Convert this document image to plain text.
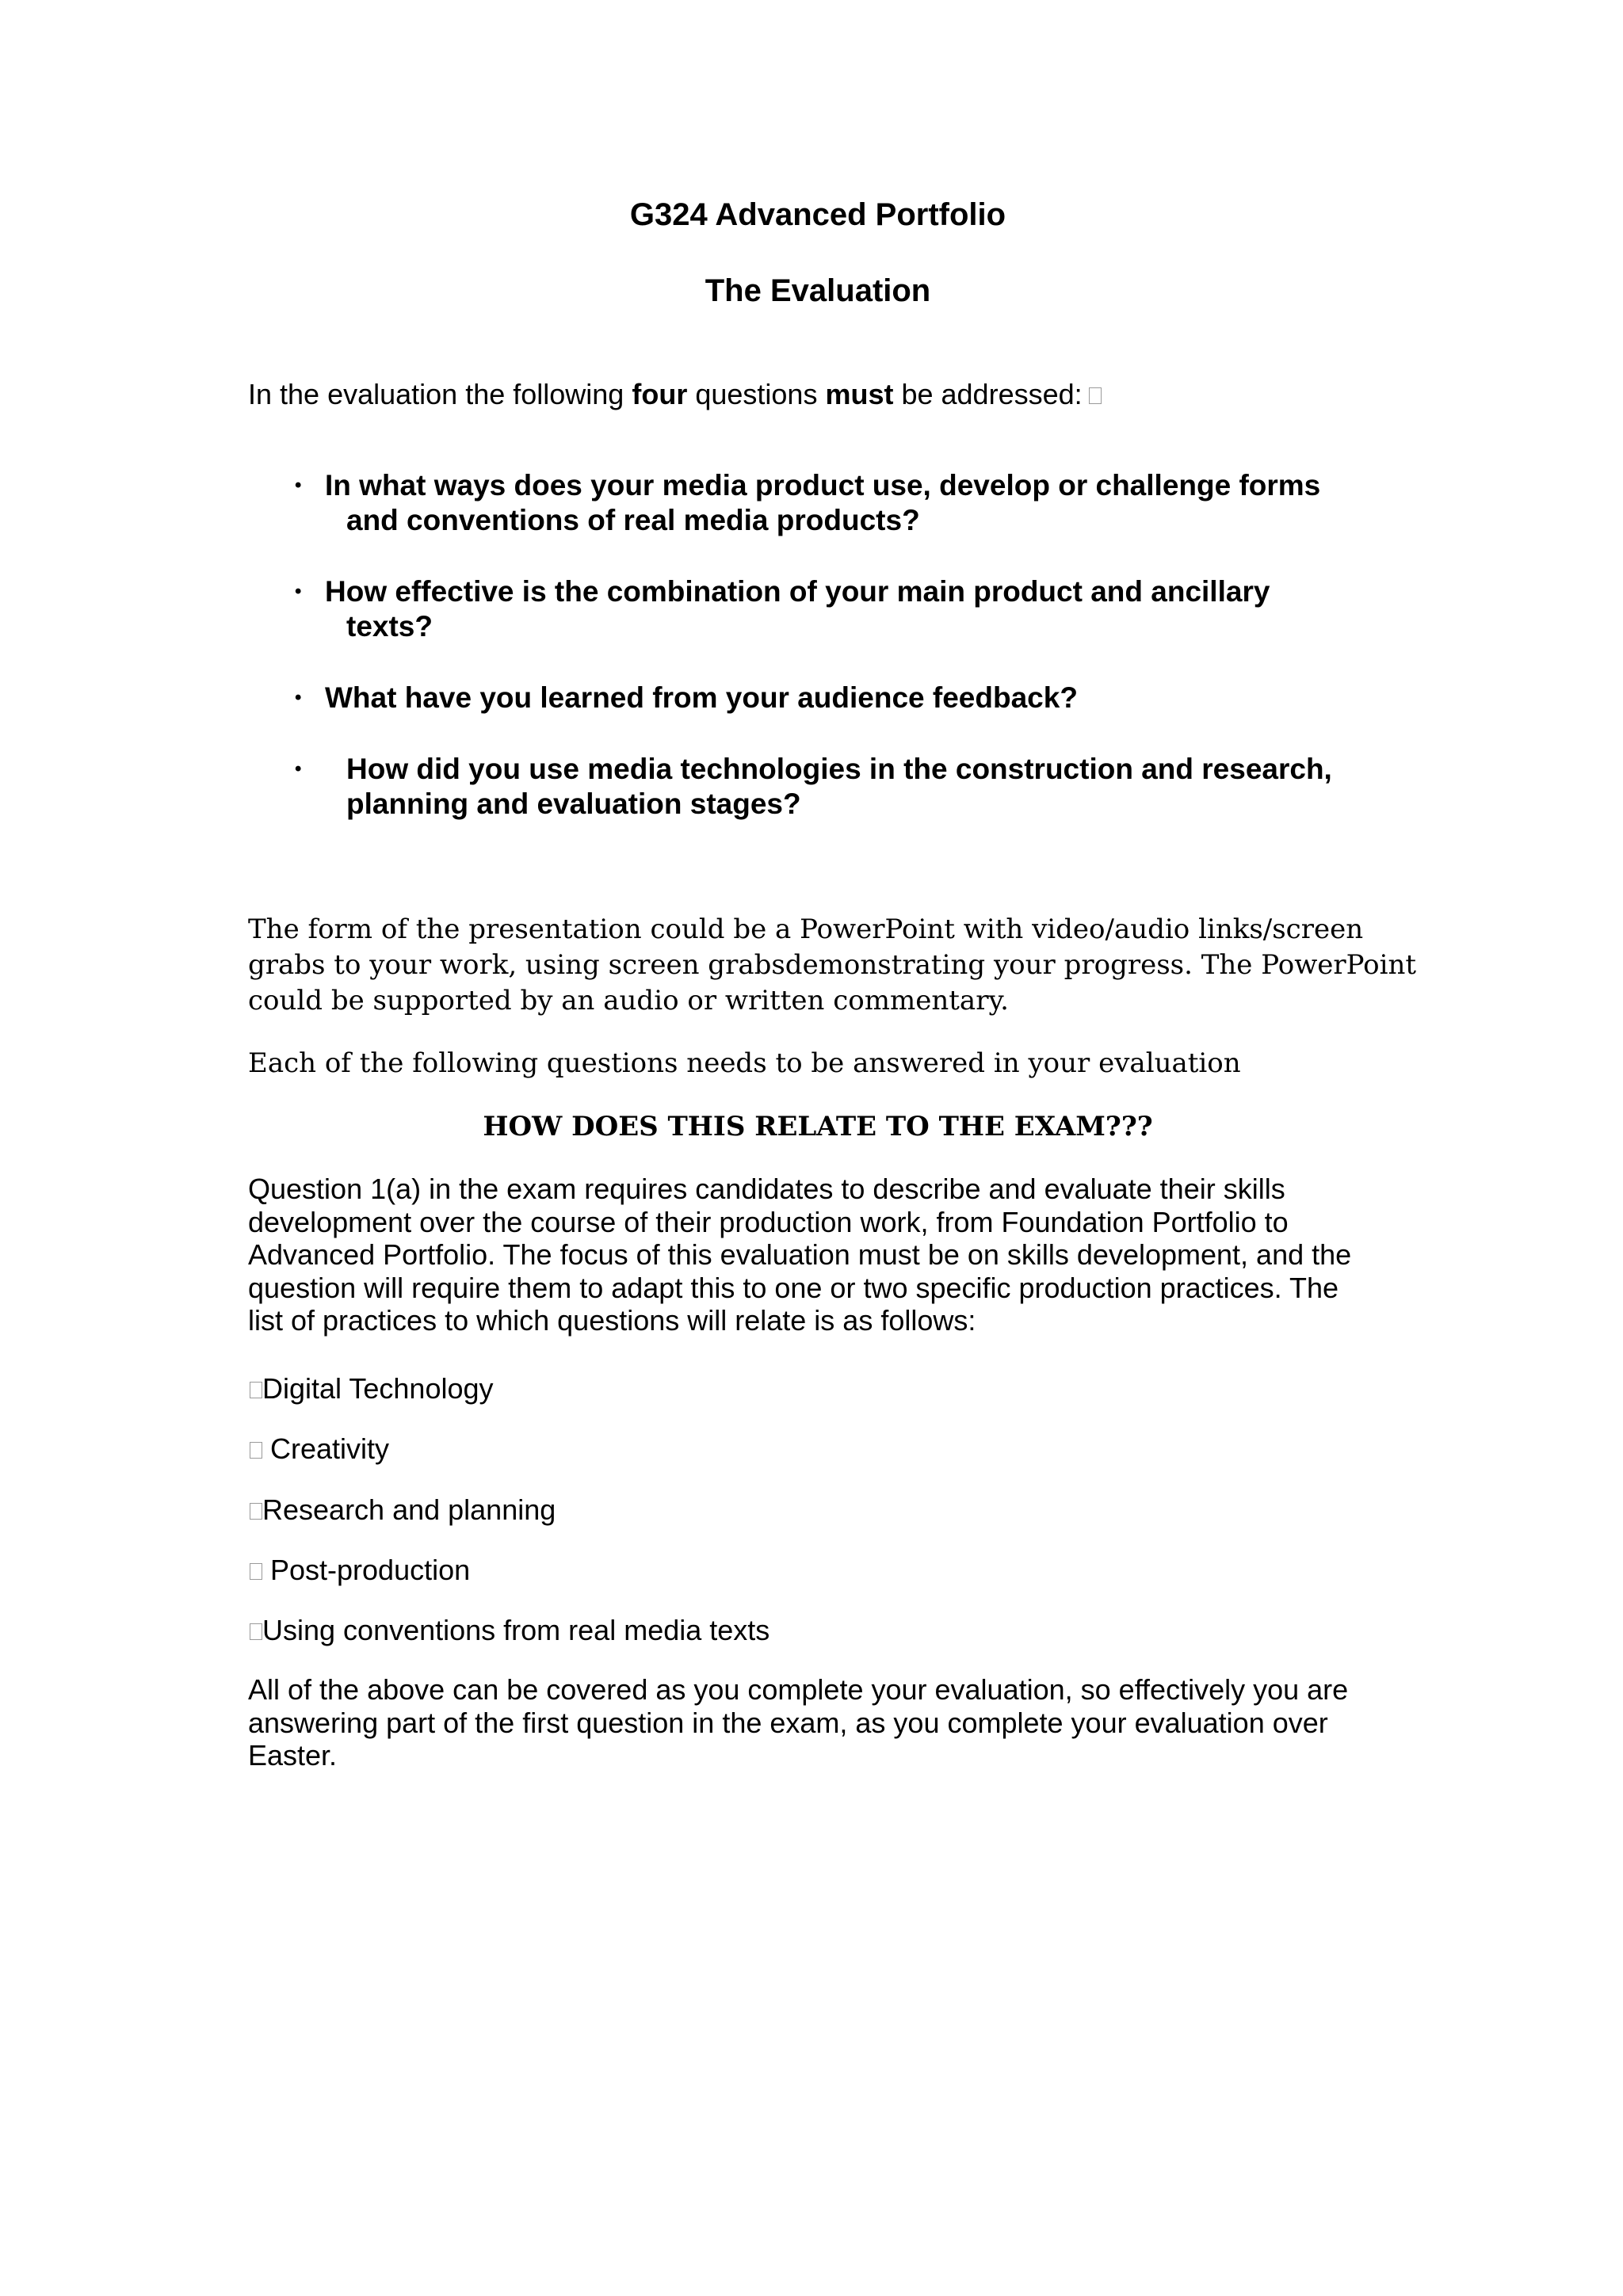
G324 Advanced Portfolio
The Evaluation
In the evaluation the following four questions must be addressed:
• In what ways does your media product use, develop or challenge forms
and conventions of real media products?
• How effective is the combination of your main product and ancillary
texts?
• What have you learned from your audience feedback?
• How did you use media technologies in the construction and research,
planning and evaluation stages?
The form of the presentation could be a PowerPoint with video/audio links/screen
grabs to your work, using screen grabsdemonstrating your progress. The PowerPoint
could be supported by an audio or written commentary.
Each of the following questions needs to be answered in your evaluation
HOW DOES THIS RELATE TO THE EXAM???
Question 1(a) in the exam requires candidates to describe and evaluate their skills
development over the course of their production work, from Foundation Portfolio to
Advanced Portfolio. The focus of this evaluation must be on skills development, and the
question will require them to adapt this to one or two specific production practices. The
list of practices to which questions will relate is as follows:
Digital Technology
Creativity
Research and planning
Post-production
Using conventions from real media texts
All of the above can be covered as you complete your evaluation, so effectively you are
answering part of the first question in the exam, as you complete your evaluation over
Easter.
